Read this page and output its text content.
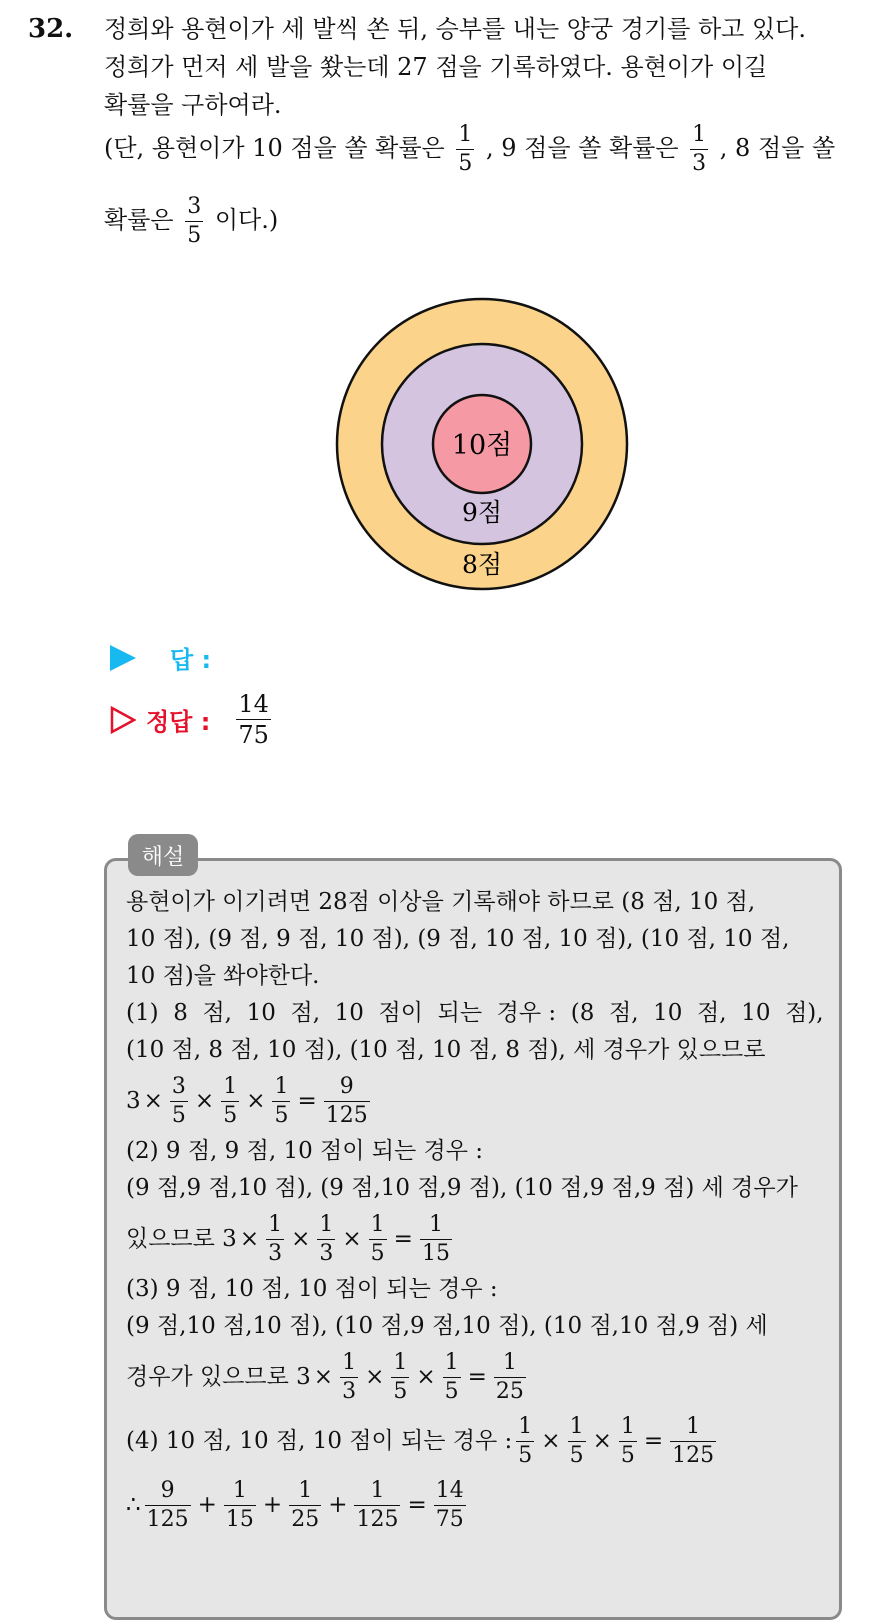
32. 정희와 용현이가 세 발씩 쏜 뒤, 승부를 내는 양궁 경기를 하고 있다.
정희가 먼저 세 발을 쐈는데 27 점을 기록하였다. 용현이가 이길
확률을 구하여라.
(단, 용현이가 10 점을 쏠 확률은 $\frac{1}{5}$ , 9 점을 쏠 확률은 $\frac{1}{3}$ , 8 점을 쏠
확률은 $\frac{3}{5}$ 이다.)
10점
9점
8점
답 :
정답 : $\frac{14}{75}$
해설
용현이가 이기려면 28점 이상을 기록해야 하므로 (8 점, 10 점,
10 점), (9 점, 9 점, 10 점), (9 점, 10 점, 10 점), (10 점, 10 점,
10 점)을 쏴야한다.
(1)  8  점,  10  점,  10  점이  되는  경우 :  (8  점,  10  점,  10  점),
(10 점, 8 점, 10 점), (10 점, 10 점, 8 점), 세 경우가 있으므로
$3 \times \frac{3}{5} \times \frac{1}{5} \times \frac{1}{5} = \frac{9}{125}$
(2) 9 점, 9 점, 10 점이 되는 경우 :
(9 점,9 점,10 점), (9 점,10 점,9 점), (10 점,9 점,9 점) 세 경우가
있으므로 $3 \times \frac{1}{3} \times \frac{1}{3} \times \frac{1}{5} = \frac{1}{15}$
(3) 9 점, 10 점, 10 점이 되는 경우 :
(9 점,10 점,10 점), (10 점,9 점,10 점), (10 점,10 점,9 점) 세
경우가 있으므로 $3 \times \frac{1}{3} \times \frac{1}{5} \times \frac{1}{5} = \frac{1}{25}$
(4) 10 점, 10 점, 10 점이 되는 경우 : $\frac{1}{5} \times \frac{1}{5} \times \frac{1}{5} = \frac{1}{125}$
∴ $\frac{9}{125} + \frac{1}{15} + \frac{1}{25} + \frac{1}{125} = \frac{14}{75}$
